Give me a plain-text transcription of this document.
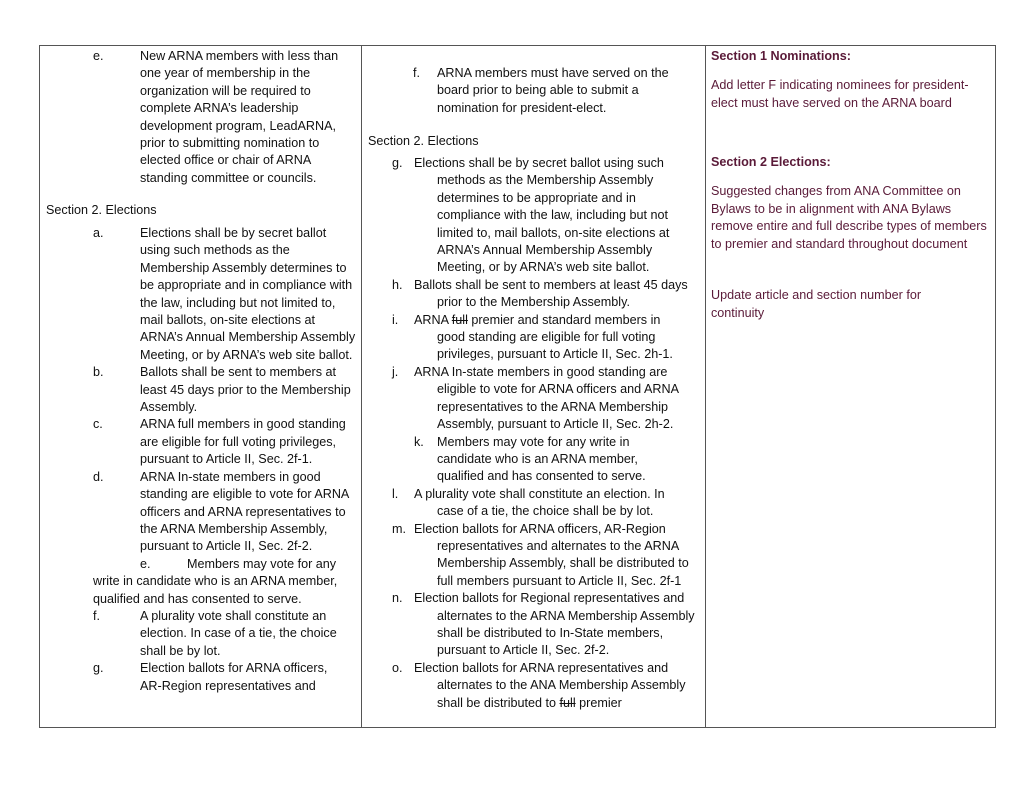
e.	New ARNA members with less than one year of membership in the organization will be required to complete ARNA’s leadership development program, LeadARNA, prior to submitting nomination to elected office or chair of ARNA standing committee or councils.

Section 2. Elections

a.	Elections shall be by secret ballot using such methods as the Membership Assembly determines to be appropriate and in compliance with the law, including but not limited to, mail ballots, on-site elections at ARNA’s Annual Membership Assembly Meeting, or by ARNA’s web site ballot.
b.	Ballots shall be sent to members at least 45 days prior to the Membership Assembly.
c.	ARNA full members in good standing are eligible for full voting privileges, pursuant to Article II, Sec. 2f-1.
d.	ARNA In-state members in good standing are eligible to vote for ARNA officers and ARNA representatives to the ARNA Membership Assembly, pursuant to Article II, Sec. 2f-2.
e.	Members may vote for any
write in candidate who is an ARNA member, qualified and has consented to serve.
f.	A plurality vote shall constitute an election. In case of a tie, the choice shall be by lot.
g.	Election ballots for ARNA officers, AR-Region representatives and
f. ARNA members must have served on the board prior to being able to submit a nomination for president-elect.

Section 2. Elections

g. Elections shall be by secret ballot using such methods as the Membership Assembly determines to be appropriate and in compliance with the law, including but not limited to, mail ballots, on-site elections at ARNA’s Annual Membership Assembly Meeting, or by ARNA’s web site ballot.
h. Ballots shall be sent to members at least 45 days prior to the Membership Assembly.
i. ARNA full premier and standard members in good standing are eligible for full voting privileges, pursuant to Article II, Sec. 2h-1.
j. ARNA In-state members in good standing are eligible to vote for ARNA officers and ARNA representatives to the ARNA Membership Assembly, pursuant to Article II, Sec. 2h-2.
k. Members may vote for any write in candidate who is an ARNA member, qualified and has consented to serve.
l. A plurality vote shall constitute an election. In case of a tie, the choice shall be by lot.
m. Election ballots for ARNA officers, AR-Region representatives and alternates to the ARNA Membership Assembly, shall be distributed to full members pursuant to Article II, Sec. 2f-1
n. Election ballots for Regional representatives and alternates to the ARNA Membership Assembly shall be distributed to In-State members, pursuant to Article II, Sec. 2f-2.
o. Election ballots for ARNA representatives and alternates to the ANA Membership Assembly shall be distributed to full premier

Section 1 Nominations:

Add letter F indicating nominees for president-elect must have served on the ARNA board

Section 2 Elections:

Suggested changes from ANA Committee on Bylaws to be in alignment with ANA Bylaws remove entire and full describe types of members to premier and standard throughout document

Update article and section number for continuity
